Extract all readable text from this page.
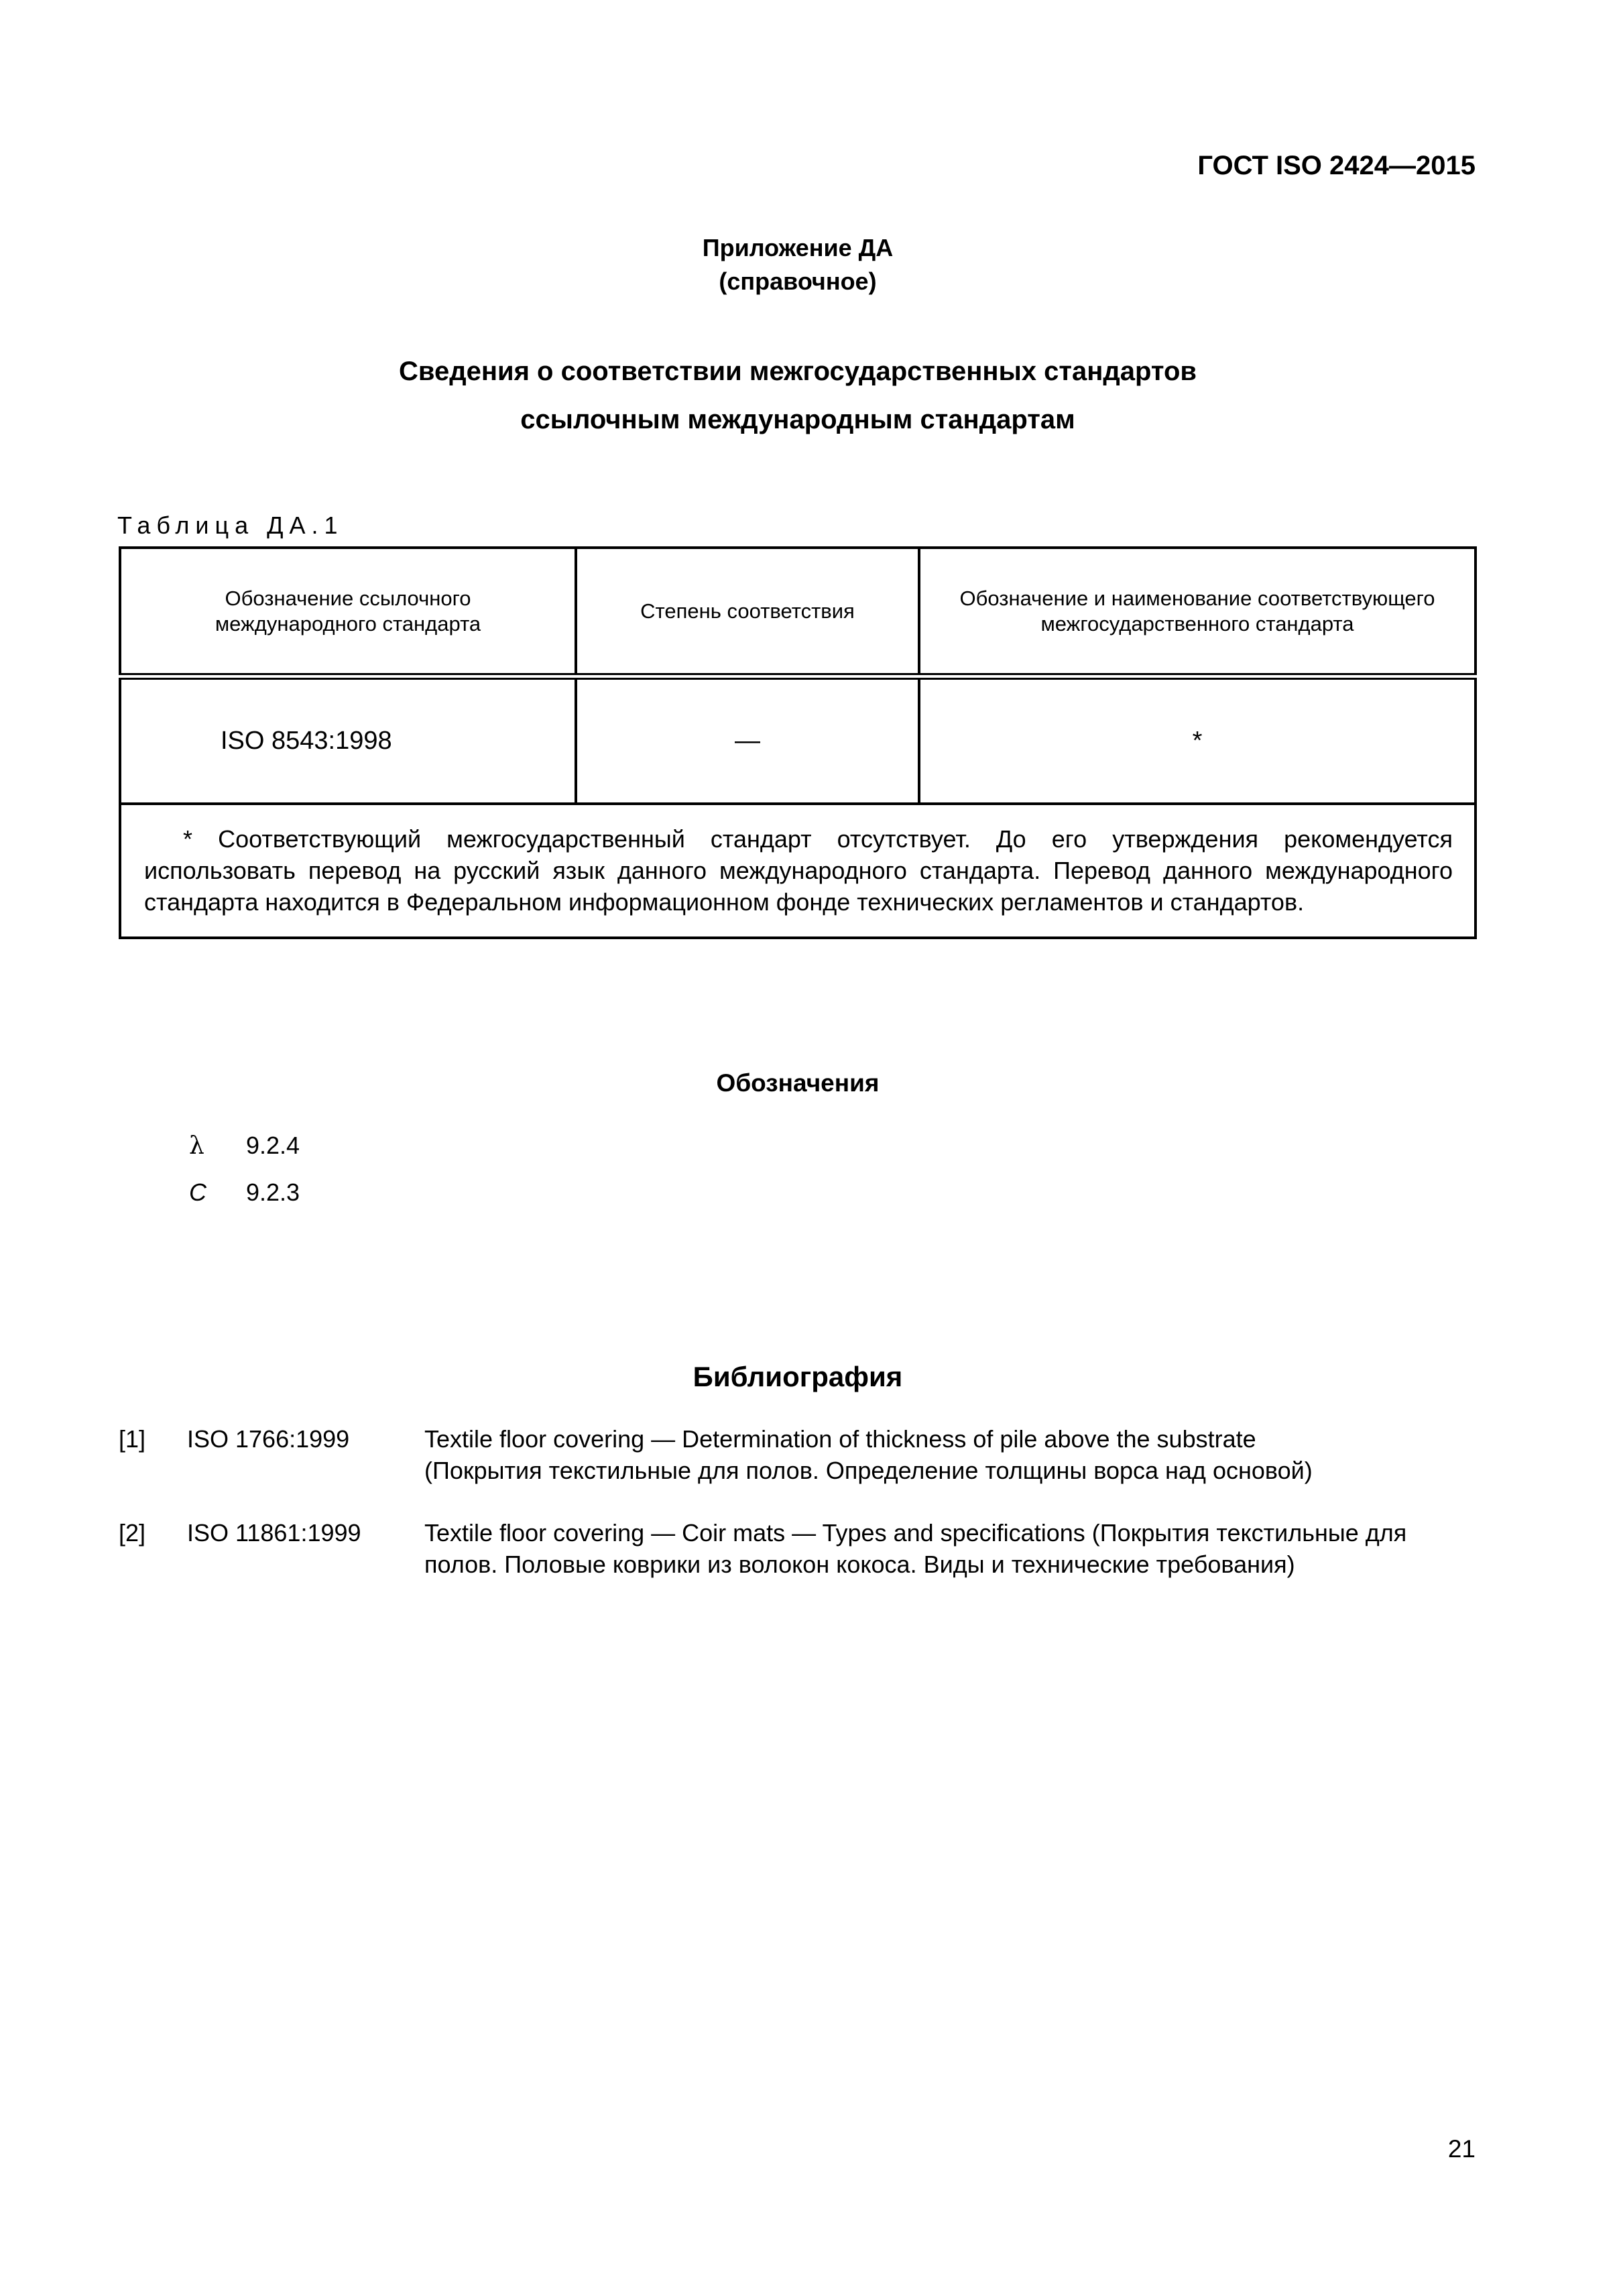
ГОСТ ISO 2424—2015
Приложение ДА
(справочное)
Сведения о соответствии межгосударственных стандартов
ссылочным международным стандартам
Таблица ДА.1
Обозначение ссылочного международного стандарта	Степень соответствия	Обозначение и наименование соответствующего межгосударственного стандарта
ISO 8543:1998	—	*

* Соответствующий межгосударственный стандарт отсутствует. До его утверждения рекомендуется использовать перевод на русский язык данного международного стандарта. Перевод данного международного стандарта находится в Федеральном информационном фонде технических регламентов и стандартов.		
Обозначения
λ 9.2.4
C 9.2.3
Библиография
[1] ISO 1766:1999	Textile floor covering — Determination of thickness of pile above the substrate
(Покрытия текстильные для полов. Определение толщины ворса над основой)
[2] ISO 11861:1999	Textile floor covering — Coir mats — Types and specifications (Покрытия текстильные для
полов. Половые коврики из волокон кокоса. Виды и технические требования)
21
